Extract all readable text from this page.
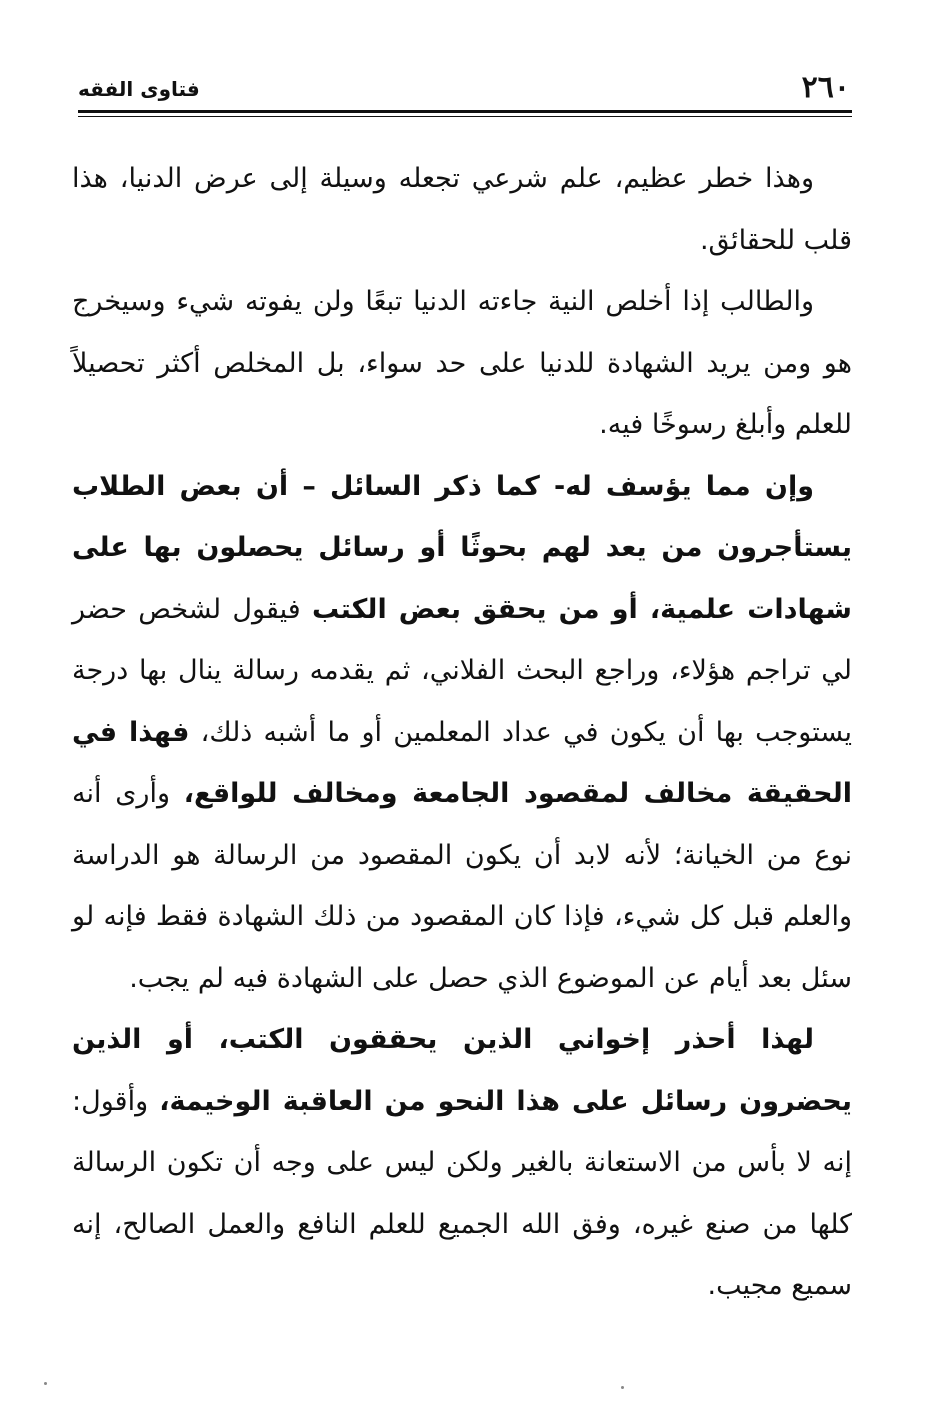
٢٦٠
فتاوى الفقه

وهذا خطر عظيم، علم شرعي تجعله وسيلة إلى عرض الدنيا، هذا قلب للحقائق.

والطالب إذا أخلص النية جاءته الدنيا تبعًا ولن يفوته شيء وسيخرج هو ومن يريد الشهادة للدنيا على حد سواء، بل المخلص أكثر تحصيلاً للعلم وأبلغ رسوخًا فيه.

وإن مما يؤسف له- كما ذكر السائل – أن بعض الطلاب يستأجرون من يعد لهم بحوثًا أو رسائل يحصلون بها على شهادات علمية، أو من يحقق بعض الكتب فيقول لشخص حضر لي تراجم هؤلاء، وراجع البحث الفلاني، ثم يقدمه رسالة ينال بها درجة يستوجب بها أن يكون في عداد المعلمين أو ما أشبه ذلك، فهذا في الحقيقة مخالف لمقصود الجامعة ومخالف للواقع، وأرى أنه نوع من الخيانة؛ لأنه لابد أن يكون المقصود من الرسالة هو الدراسة والعلم قبل كل شيء، فإذا كان المقصود من ذلك الشهادة فقط فإنه لو سئل بعد أيام عن الموضوع الذي حصل على الشهادة فيه لم يجب.

لهذا أحذر إخواني الذين يحققون الكتب، أو الذين يحضرون رسائل على هذا النحو من العاقبة الوخيمة، وأقول: إنه لا بأس من الاستعانة بالغير ولكن ليس على وجه أن تكون الرسالة كلها من صنع غيره، وفق الله الجميع للعلم النافع والعمل الصالح، إنه سميع مجيب.
